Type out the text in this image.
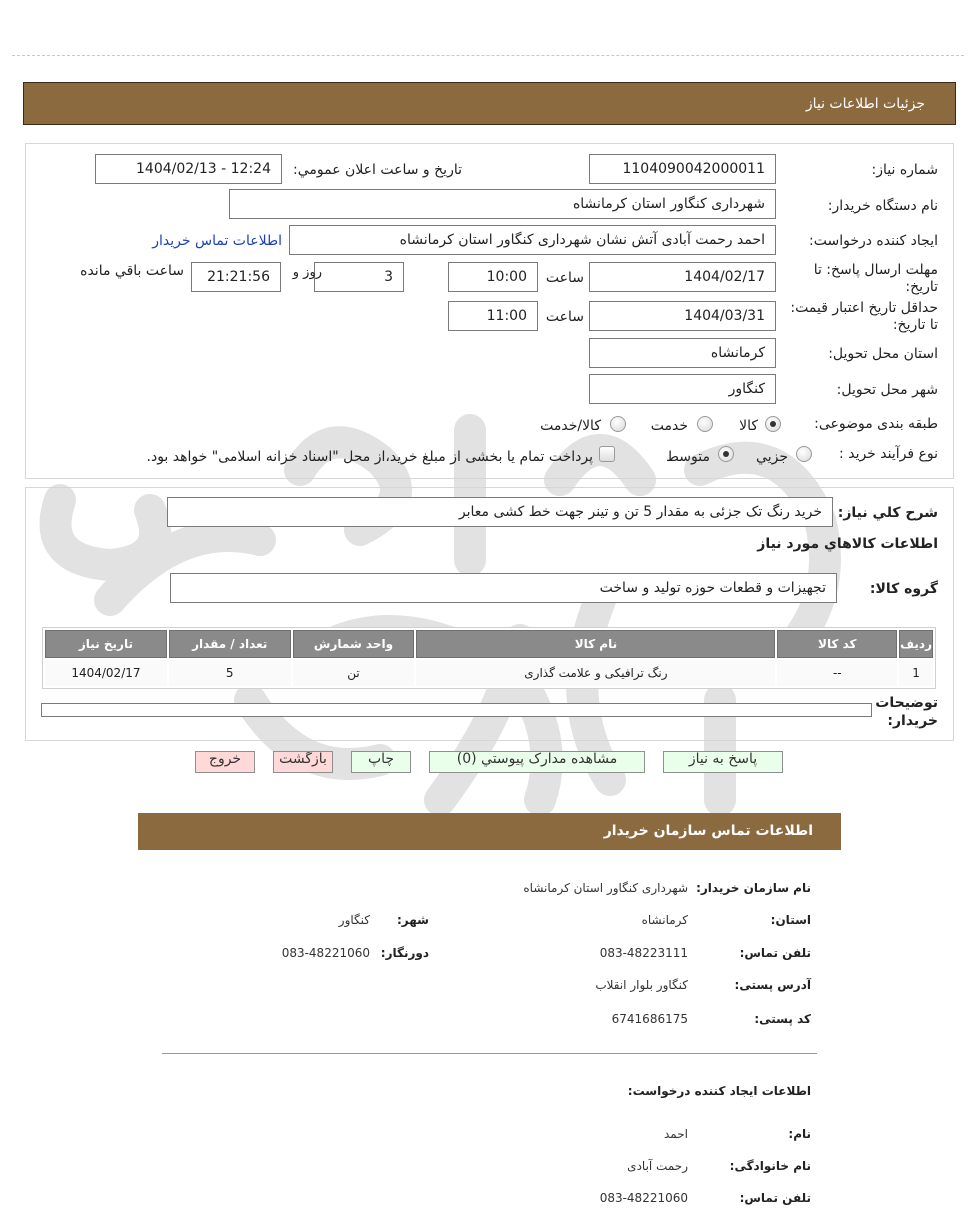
جزئيات اطلاعات نياز
شماره نیاز:
1104090042000011
تاریخ و ساعت اعلان عمومي:
1404/02/13 - 12:24
نام دستگاه خریدار:
شهرداری کنگاور استان کرمانشاه
ایجاد کننده درخواست:
احمد رحمت آبادی آتش نشان شهرداری کنگاور استان کرمانشاه
اطلاعات تماس خریدار
مهلت ارسال پاسخ: تا تاریخ:
1404/02/17
ساعت
10:00
3
روز و
21:21:56
ساعت باقي مانده
حداقل تاریخ اعتبار قیمت: تا تاریخ:
1404/03/31
ساعت
11:00
استان محل تحویل:
کرمانشاه
شهر محل تحویل:
کنگاور
طبقه بندی موضوعی:
کالا
خدمت
کالا/خدمت
نوع فرآیند خرید :
جزيي
متوسط
پرداخت تمام یا بخشی از مبلغ خرید،از محل "اسناد خزانه اسلامی" خواهد بود.
شرح كلي نياز:
خرید رنگ تک جزئی به مقدار 5 تن و تینر جهت خط کشی معابر
اطلاعات كالاهاي مورد نياز
گروه کالا:
تجهیزات و قطعات حوزه تولید و ساخت
رديف	کد کالا	نام کالا	واحد شمارش	تعداد / مقدار	تاریخ نیاز
1	--	رنگ ترافیکی و علامت گذاری	تن	5	1404/02/17
توضیحات خریدار:
پاسخ به نياز
مشاهده مدارک پیوستي (0)
چاپ
بازگشت
خروج
اطلاعات تماس سازمان خریدار
نام سازمان خریدار:
شهرداری کنگاور استان کرمانشاه
استان:
کرمانشاه
شهر:
کنگاور
تلفن تماس:
083-48223111
دورنگار:
083-48221060
آدرس پستی:
کنگاور بلوار انقلاب
کد پستی:
6741686175
اطلاعات ایجاد کننده درخواست:
نام:
احمد
نام خانوادگی:
رحمت آبادی
تلفن تماس:
083-48221060
